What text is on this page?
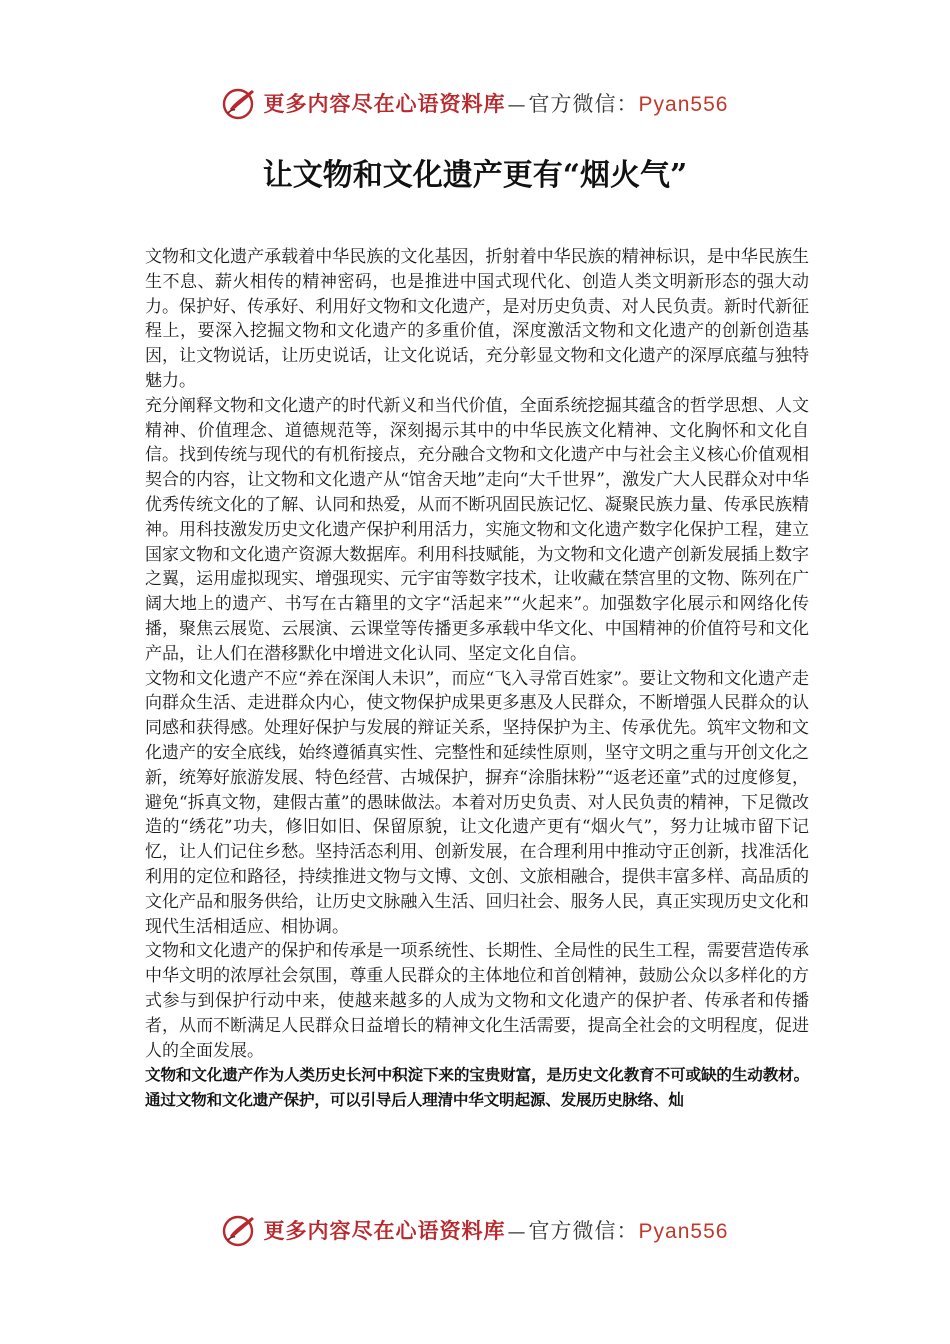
更多内容尽在心语资料库 — 官方微信： Pyan556
让文物和文化遗产更有“烟火气”

文物和文化遗产承载着中华民族的文化基因，折射着中华民族的精神标识，是中华民族生生不息、薪火相传的精神密码，也是推进中国式现代化、创造人类文明新形态的强大动力。保护好、传承好、利用好文物和文化遗产，是对历史负责、对人民负责。新时代新征程上，要深入挖掘文物和文化遗产的多重价值，深度激活文物和文化遗产的创新创造基因，让文物说话，让历史说话，让文化说话，充分彰显文物和文化遗产的深厚底蕴与独特魅力。

充分阐释文物和文化遗产的时代新义和当代价值，全面系统挖掘其蕴含的哲学思想、人文精神、价值理念、道德规范等，深刻揭示其中的中华民族文化精神、文化胸怀和文化自信。找到传统与现代的有机衔接点，充分融合文物和文化遗产中与社会主义核心价值观相契合的内容，让文物和文化遗产从“馆舍天地”走向“大千世界”，激发广大人民群众对中华优秀传统文化的了解、认同和热爱，从而不断巩固民族记忆、凝聚民族力量、传承民族精神。用科技激发历史文化遗产保护利用活力，实施文物和文化遗产数字化保护工程，建立国家文物和文化遗产资源大数据库。利用科技赋能，为文物和文化遗产创新发展插上数字之翼，运用虚拟现实、增强现实、元宇宙等数字技术，让收藏在禁宫里的文物、陈列在广阔大地上的遗产、书写在古籍里的文字“活起来”“火起来”。加强数字化展示和网络化传播，聚焦云展览、云展演、云课堂等传播更多承载中华文化、中国精神的价值符号和文化产品，让人们在潜移默化中增进文化认同、坚定文化自信。

文物和文化遗产不应“养在深闺人未识”，而应“飞入寻常百姓家”。要让文物和文化遗产走向群众生活、走进群众内心，使文物保护成果更多惠及人民群众，不断增强人民群众的认同感和获得感。处理好保护与发展的辩证关系，坚持保护为主、传承优先。筑牢文物和文化遗产的安全底线，始终遵循真实性、完整性和延续性原则，坚守文明之重与开创文化之新，统筹好旅游发展、特色经营、古城保护，摒弃“涂脂抹粉”“返老还童”式的过度修复，避免“拆真文物，建假古董”的愚昧做法。本着对历史负责、对人民负责的精神，下足微改造的“绣花”功夫，修旧如旧、保留原貌，让文化遗产更有“烟火气”，努力让城市留下记忆，让人们记住乡愁。坚持活态利用、创新发展，在合理利用中推动守正创新，找准活化利用的定位和路径，持续推进文物与文博、文创、文旅相融合，提供丰富多样、高品质的文化产品和服务供给，让历史文脉融入生活、回归社会、服务人民，真正实现历史文化和现代生活相适应、相协调。

文物和文化遗产的保护和传承是一项系统性、长期性、全局性的民生工程，需要营造传承中华文明的浓厚社会氛围，尊重人民群众的主体地位和首创精神，鼓励公众以多样化的方式参与到保护行动中来，使越来越多的人成为文物和文化遗产的保护者、传承者和传播者，从而不断满足人民群众日益增长的精神文化生活需要，提高全社会的文明程度，促进人的全面发展。

文物和文化遗产作为人类历史长河中积淀下来的宝贵财富，是历史文化教育不可或缺的生动教材。通过文物和文化遗产保护，可以引导后人理清中华文明起源、发展历史脉络、灿

更多内容尽在心语资料库 — 官方微信： Pyan556
